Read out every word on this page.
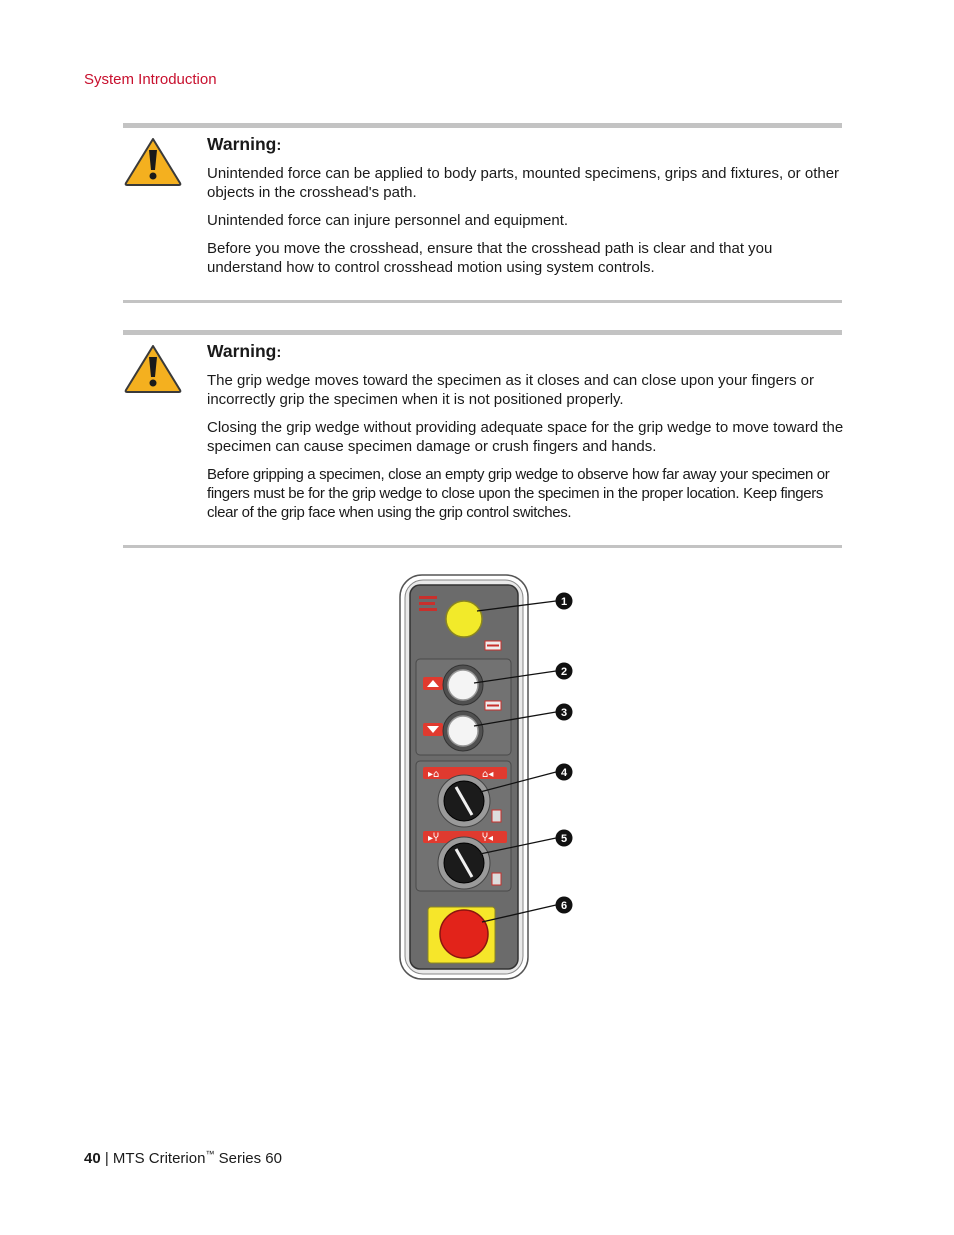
System Introduction
Warning:

Unintended force can be applied to body parts, mounted specimens, grips and fixtures, or other objects in the crosshead's path.

Unintended force can injure personnel and equipment.

Before you move the crosshead, ensure that the crosshead path is clear and that you understand how to control crosshead motion using system controls.

Warning:

The grip wedge moves toward the specimen as it closes and can close upon your fingers or incorrectly grip the specimen when it is not positioned properly.

Closing the grip wedge without providing adequate space for the grip wedge to move toward the specimen can cause specimen damage or crush fingers and hands.

Before gripping a specimen, close an empty grip wedge to observe how far away your specimen or fingers must be for the grip wedge to close upon the specimen in the proper location. Keep fingers clear of the grip face when using the grip control switches.

▸⌂	⌂◂
▸Ⴤ	Ⴤ◂
1
2
3
4
5
6
40 | MTS Criterion™ Series 60
